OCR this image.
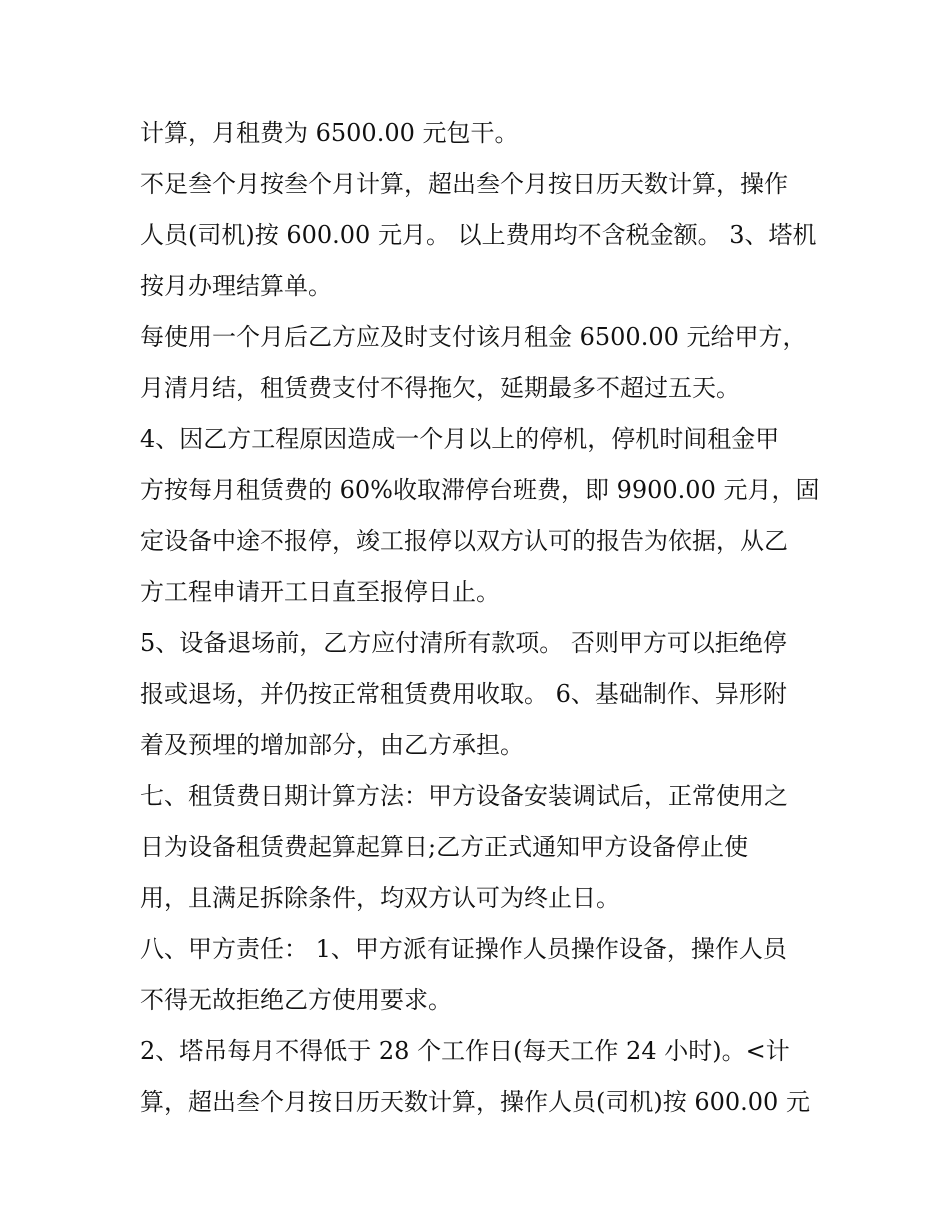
计算，月租费为 6500.00 元包干。
不足叁个月按叁个月计算，超出叁个月按日历天数计算，操作
人员(司机)按 600.00 元月。 以上费用均不含税金额。 3、塔机
按月办理结算单。
每使用一个月后乙方应及时支付该月租金 6500.00 元给甲方，
月清月结，租赁费支付不得拖欠，延期最多不超过五天。
4、因乙方工程原因造成一个月以上的停机，停机时间租金甲
方按每月租赁费的 60%收取滞停台班费，即 9900.00 元月，固
定设备中途不报停，竣工报停以双方认可的报告为依据，从乙
方工程申请开工日直至报停日止。
5、设备退场前，乙方应付清所有款项。 否则甲方可以拒绝停
报或退场，并仍按正常租赁费用收取。 6、基础制作、异形附
着及预埋的增加部分，由乙方承担。
七、租赁费日期计算方法：甲方设备安装调试后，正常使用之
日为设备租赁费起算起算日;乙方正式通知甲方设备停止使
用，且满足拆除条件，均双方认可为终止日。
八、甲方责任： 1、甲方派有证操作人员操作设备，操作人员
不得无故拒绝乙方使用要求。
2、塔吊每月不得低于 28 个工作日(每天工作 24 小时)。<计
算，超出叁个月按日历天数计算，操作人员(司机)按 600.00 元
